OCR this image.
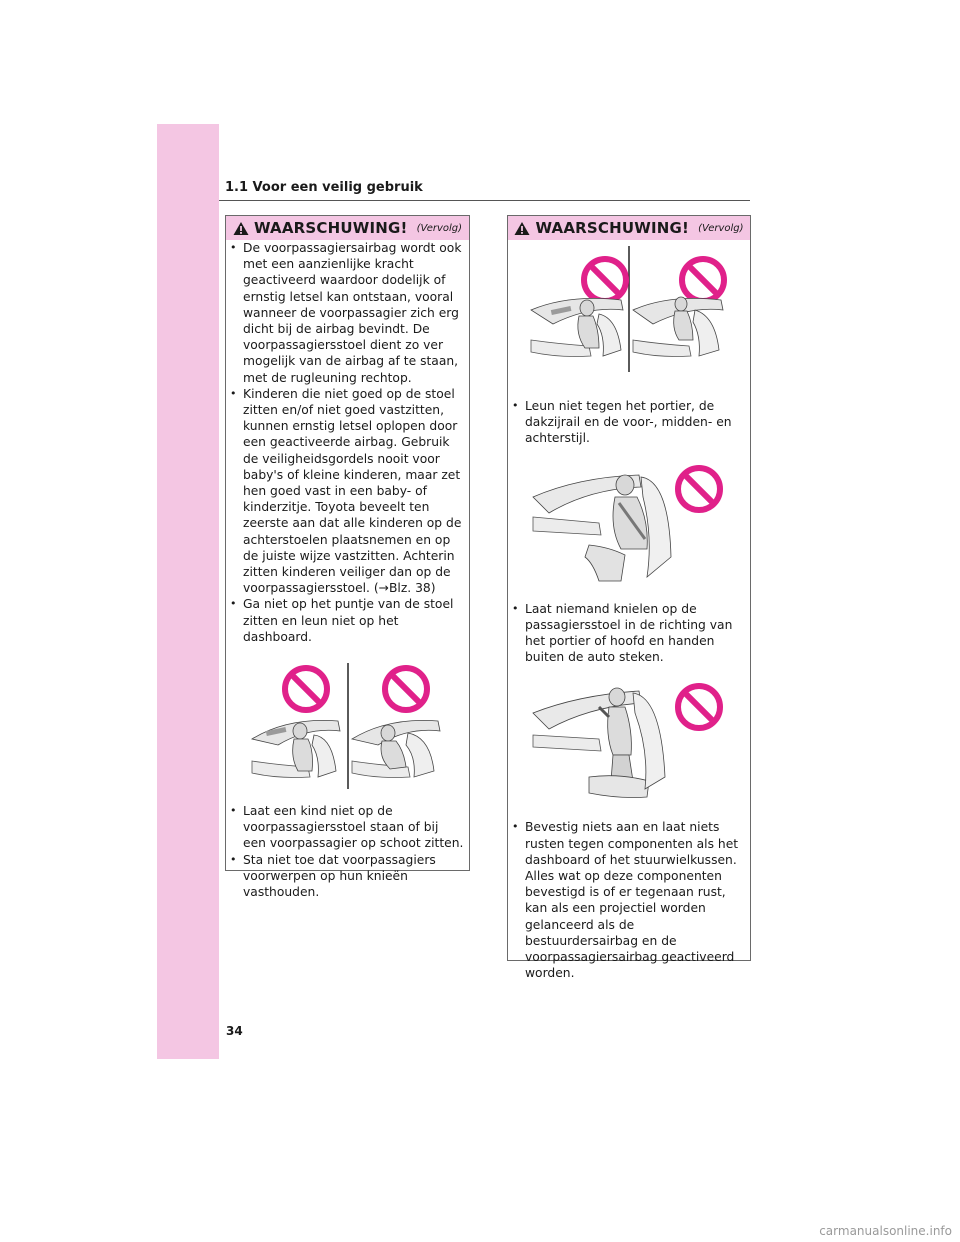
1.1 Voor een veilig gebruik
WAARSCHUWING! (Vervolg)
• De voorpassagiersairbag wordt ook met een aanzienlijke kracht geactiveerd waardoor dodelijk of ernstig letsel kan ontstaan, vooral wanneer de voorpassagier zich erg dicht bij de airbag bevindt. De voorpassagiersstoel dient zo ver mogelijk van de airbag af te staan, met de rugleuning rechtop.
• Kinderen die niet goed op de stoel zitten en/of niet goed vastzitten, kunnen ernstig letsel oplopen door een geactiveerde airbag. Gebruik de veiligheidsgordels nooit voor baby's of kleine kinderen, maar zet hen goed vast in een baby- of kinderzitje. Toyota beveelt ten zeerste aan dat alle kinderen op de achterstoelen plaatsnemen en op de juiste wijze vastzitten. Achterin zitten kinderen veiliger dan op de voorpassagiersstoel. (→Blz. 38)
• Ga niet op het puntje van de stoel zitten en leun niet op het dashboard.
• Laat een kind niet op de voorpassagiersstoel staan of bij een voorpassagier op schoot zitten.
• Sta niet toe dat voorpassagiers voorwerpen op hun knieën vasthouden.
WAARSCHUWING! (Vervolg)
• Leun niet tegen het portier, de dakzijrail en de voor-, midden- en achterstijl.
• Laat niemand knielen op de passagiersstoel in de richting van het portier of hoofd en handen buiten de auto steken.
• Bevestig niets aan en laat niets rusten tegen componenten als het dashboard of het stuurwielkussen. Alles wat op deze componenten bevestigd is of er tegenaan rust, kan als een projectiel worden gelanceerd als de bestuurdersairbag en de voorpassagiersairbag geactiveerd worden.
34
carmanualsonline.info
